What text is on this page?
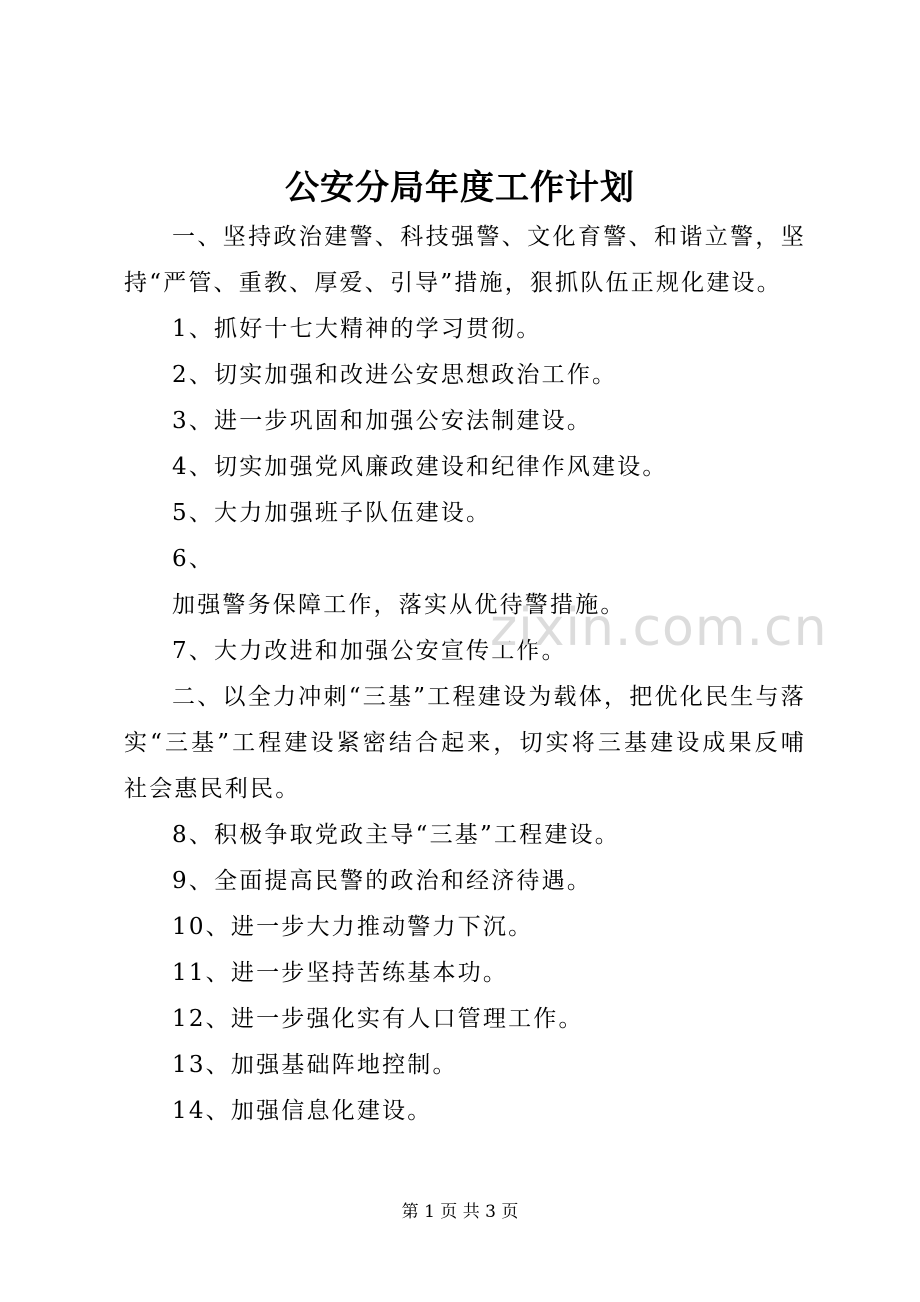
公安分局年度工作计划

一、坚持政治建警、科技强警、文化育警、和谐立警，坚持“严管、重教、厚爱、引导”措施，狠抓队伍正规化建设。

1、抓好十七大精神的学习贯彻。

2、切实加强和改进公安思想政治工作。

3、进一步巩固和加强公安法制建设。

4、切实加强党风廉政建设和纪律作风建设。

5、大力加强班子队伍建设。

6、

加强警务保障工作，落实从优待警措施。

7、大力改进和加强公安宣传工作。

二、以全力冲刺“三基”工程建设为载体，把优化民生与落实“三基”工程建设紧密结合起来，切实将三基建设成果反哺社会惠民利民。

8、积极争取党政主导“三基”工程建设。

9、全面提高民警的政治和经济待遇。

10、进一步大力推动警力下沉。

11、进一步坚持苦练基本功。

12、进一步强化实有人口管理工作。

13、加强基础阵地控制。

14、加强信息化建设。

zixin.com.cn
第 1 页 共 3 页
